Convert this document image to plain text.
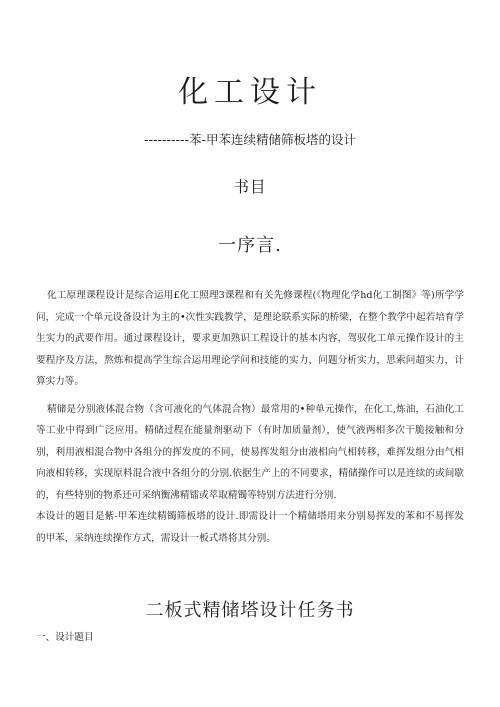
化工设计
----------苯-甲苯连续精储筛板塔的设计
书目
一序言.

化工原理课程设计是综合运用£化工照理3课程和有关先修课程(《物理化学hd化工制图》等)所学学问，完成一个单元设备设计为主的•次性实践教学，是理论联系实际的桥梁，在整个教学中起若培育学生实力的武要作用。通过课程设计，要求更加熟识工程设计的基本内容，驾驭化工单元操作设计的主要程序及方法，熬炼和提高学生综合运用理论学问和技能的实力，问题分析实力，思索问超实力，计算实力等。

精储是分别液体混合物（含可液化的气体混合物）最常用的•种单元操作，在化工,炼油，石油化工等工业中得到广泛应用。精储过程在能量剂驱动下（有时加质量剂），使气液两相多次干脆接触和分别，利用液相混合物中各组分的挥发度的不同，使易挥发组分由液相向气相转移，难挥发组分由气相向液相转移，实现原料混合液中各组分的分别.依据生产上的不同要求，精储操作可以是连续的或间歇的，有些特别的物系还可采纳衡沸精镭或萃取精镯等特别方法进行分别.

本设计的题目是紫-甲苯连续精镯筛板塔的设计.即需设计一个精储塔用来分别易挥发的苯和不易挥发的甲苯，采纳连续操作方式，需设计一板式塔将其分别。

二板式精储塔设计任务书
一、设计题目
